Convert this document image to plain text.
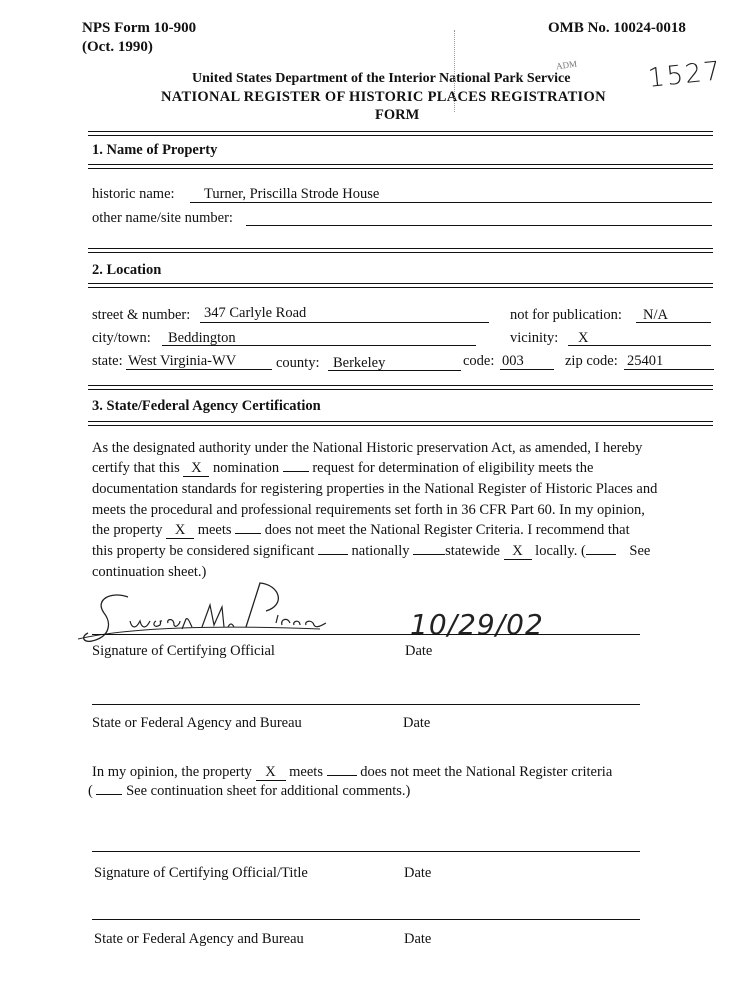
NPS Form 10-900
(Oct. 1990)
OMB No. 10024-0018
United States Department of the Interior National Park Service
NATIONAL REGISTER OF HISTORIC PLACES REGISTRATION
FORM
ADM	1527
1. Name of Property
historic name: Turner, Priscilla Strode House
other name/site number:
2. Location
street & number: 347 Carlyle Road	not for publication: N/A
city/town: Beddington	vicinity: X
state: West Virginia-WV	county: Berkeley	code: 003	zip code: 25401
3. State/Federal Agency Certification
As the designated authority under the National Historic preservation Act, as amended, I hereby
certify that this X nomination request for determination of eligibility meets the
documentation standards for registering properties in the National Register of Historic Places and
meets the procedural and professional requirements set forth in 36 CFR Part 60. In my opinion,
the property X meets does not meet the National Register Criteria. I recommend that
this property be considered significant	nationally statewide X locally. (	See
continuation sheet.)
10/29/02
Signature of Certifying Official	Date
State or Federal Agency and Bureau	Date
In my opinion, the property X meets	does not meet the National Register criteria
( See continuation sheet for additional comments.)
Signature of Certifying Official/Title	Date
State or Federal Agency and Bureau	Date
